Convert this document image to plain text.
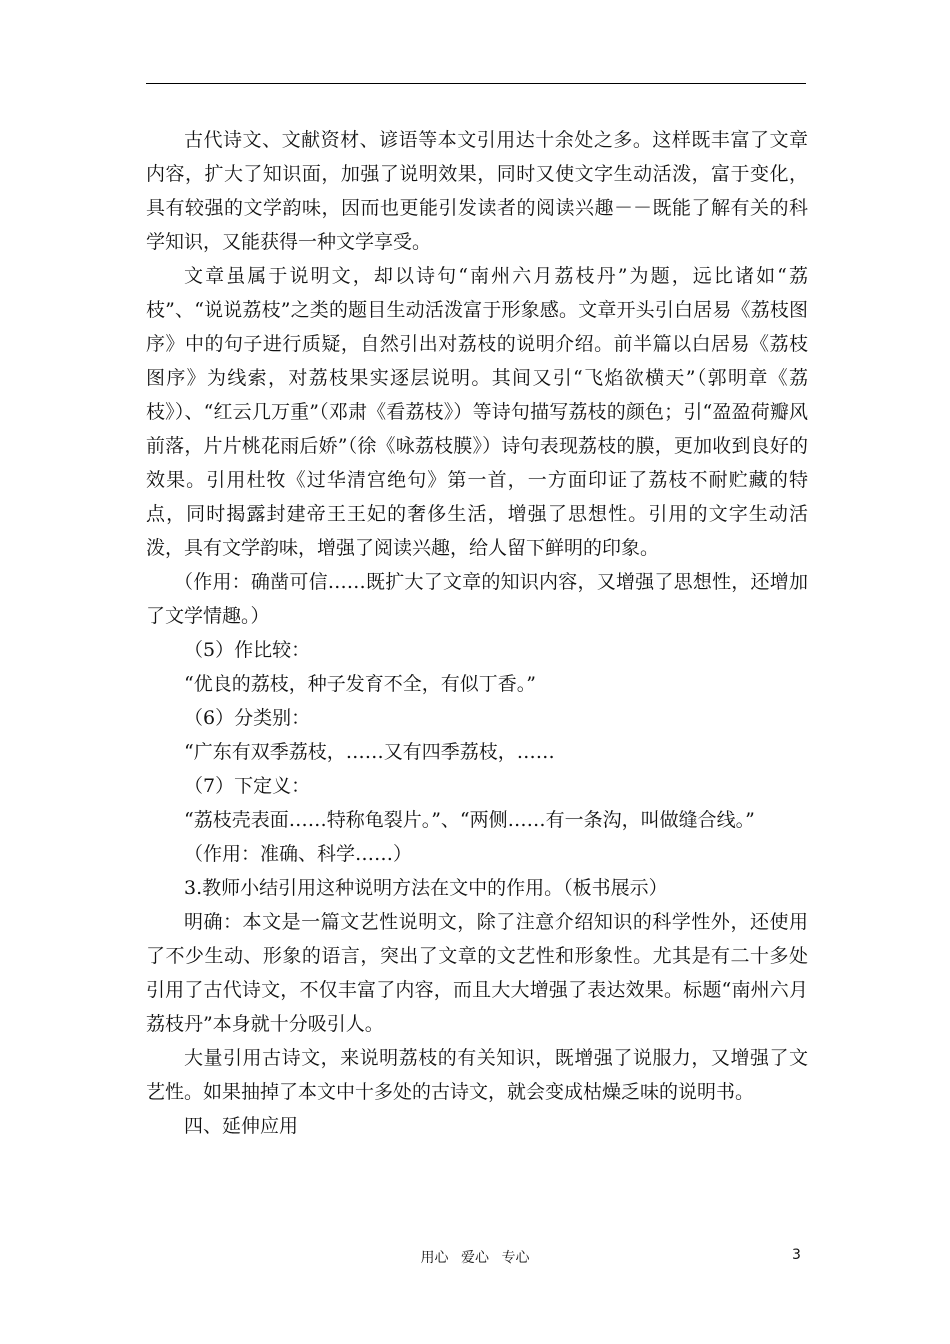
古代诗文、文献资材、谚语等本文引用达十余处之多。这样既丰富了文章内容，扩大了知识面，加强了说明效果，同时又使文字生动活泼，富于变化，具有较强的文学韵味，因而也更能引发读者的阅读兴趣－－既能了解有关的科学知识，又能获得一种文学享受。

文章虽属于说明文，却以诗句“南州六月荔枝丹”为题，远比诸如“荔枝”、“说说荔枝”之类的题目生动活泼富于形象感。文章开头引白居易《荔枝图序》中的句子进行质疑，自然引出对荔枝的说明介绍。前半篇以白居易《荔枝图序》为线索，对荔枝果实逐层说明。其间又引“飞焰欲横天”（郭明章《荔枝》）、“红云几万重”（邓肃《看荔枝》）等诗句描写荔枝的颜色；引“盈盈荷瓣风前落，片片桃花雨后娇”（徐《咏荔枝膜》）诗句表现荔枝的膜，更加收到良好的效果。引用杜牧《过华清宫绝句》第一首，一方面印证了荔枝不耐贮藏的特点，同时揭露封建帝王王妃的奢侈生活，增强了思想性。引用的文字生动活泼，具有文学韵味，增强了阅读兴趣，给人留下鲜明的印象。

（作用：确凿可信……既扩大了文章的知识内容，又增强了思想性，还增加了文学情趣。）

（5）作比较：

“优良的荔枝，种子发育不全，有似丁香。”

（6）分类别：

“广东有双季荔枝，……又有四季荔枝，……

（7）下定义：

“荔枝壳表面……特称龟裂片。”、“两侧……有一条沟，叫做缝合线。”

（作用：准确、科学……）

3.教师小结引用这种说明方法在文中的作用。（板书展示）

明确：本文是一篇文艺性说明文，除了注意介绍知识的科学性外，还使用了不少生动、形象的语言，突出了文章的文艺性和形象性。尤其是有二十多处引用了古代诗文，不仅丰富了内容，而且大大增强了表达效果。标题“南州六月荔枝丹”本身就十分吸引人。

大量引用古诗文，来说明荔枝的有关知识，既增强了说服力，又增强了文艺性。如果抽掉了本文中十多处的古诗文，就会变成枯燥乏味的说明书。

四、延伸应用

用心 爱心 专心	3
